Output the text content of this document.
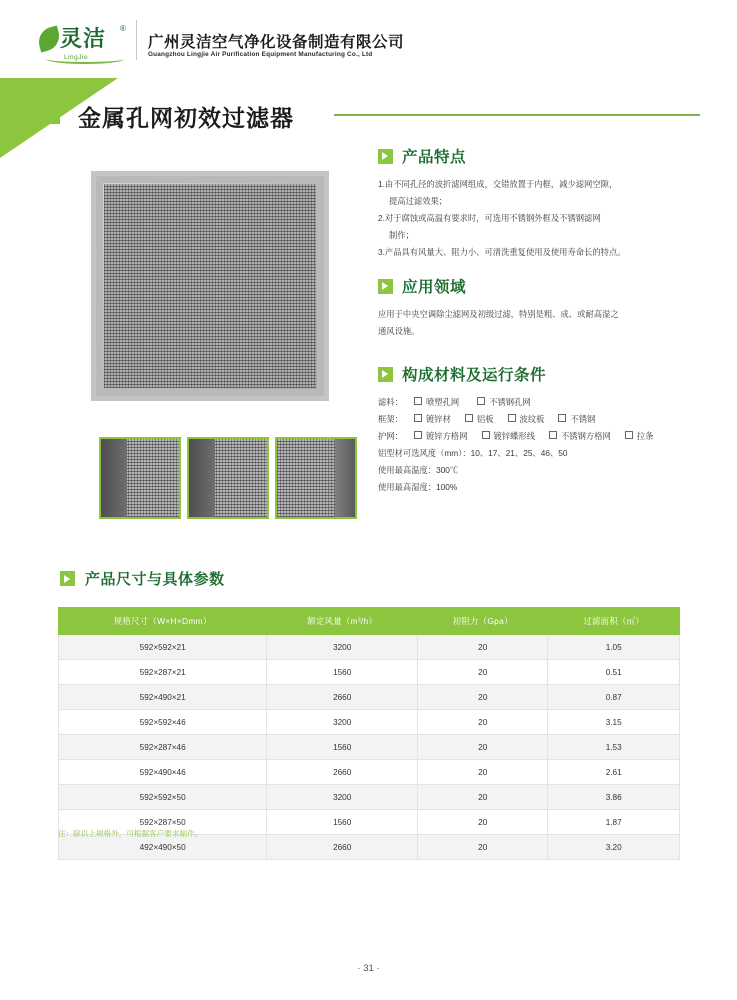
灵洁 ®
LingJie
广州灵洁空气净化设备制造有限公司
Guangzhou Lingjie Air Purification Equipment Manufacturing Co., Ltd
金属孔网初效过滤器
产品特点

1.由不同孔径的波折滤网组成，交错放置于内框，减少滤网空隙，

提高过滤效果；

2.对于腐蚀或高温有要求时，可选用不锈钢外框及不锈钢滤网

制作；

3.产品具有风量大、阻力小、可清洗重复使用及使用寿命长的特点。

应用领域

应用于中央空调除尘滤网及初级过滤，特别是粗、成、或耐高湿之

通风设施。

构成材料及运行条件
滤料：	喷塑孔网	不锈钢孔网
框架：	镀锌材	铝板	波纹板	不锈钢
护网：	镀锌方格网	镀锌蝶形线	不锈钢方格网	拉条

铝型材可选风度（mm）：10、17、21、25、46、50

使用最高温度：300℃

使用最高湿度：100%

产品尺寸与具体参数
规格尺寸（W×H×Dmm）	额定风量（m³/h）	初阻力（Gpa）	过滤面积（㎡）
592×592×21	3200	20	1.05
592×287×21	1560	20	0.51
592×490×21	2660	20	0.87
592×592×46	3200	20	3.15
592×287×46	1560	20	1.53
592×490×46	2660	20	2.61
592×592×50	3200	20	3.86
592×287×50	1560	20	1.87
492×490×50	2660	20	3.20
注：除以上规格外，可根据客户要求制作。
· 31 ·
